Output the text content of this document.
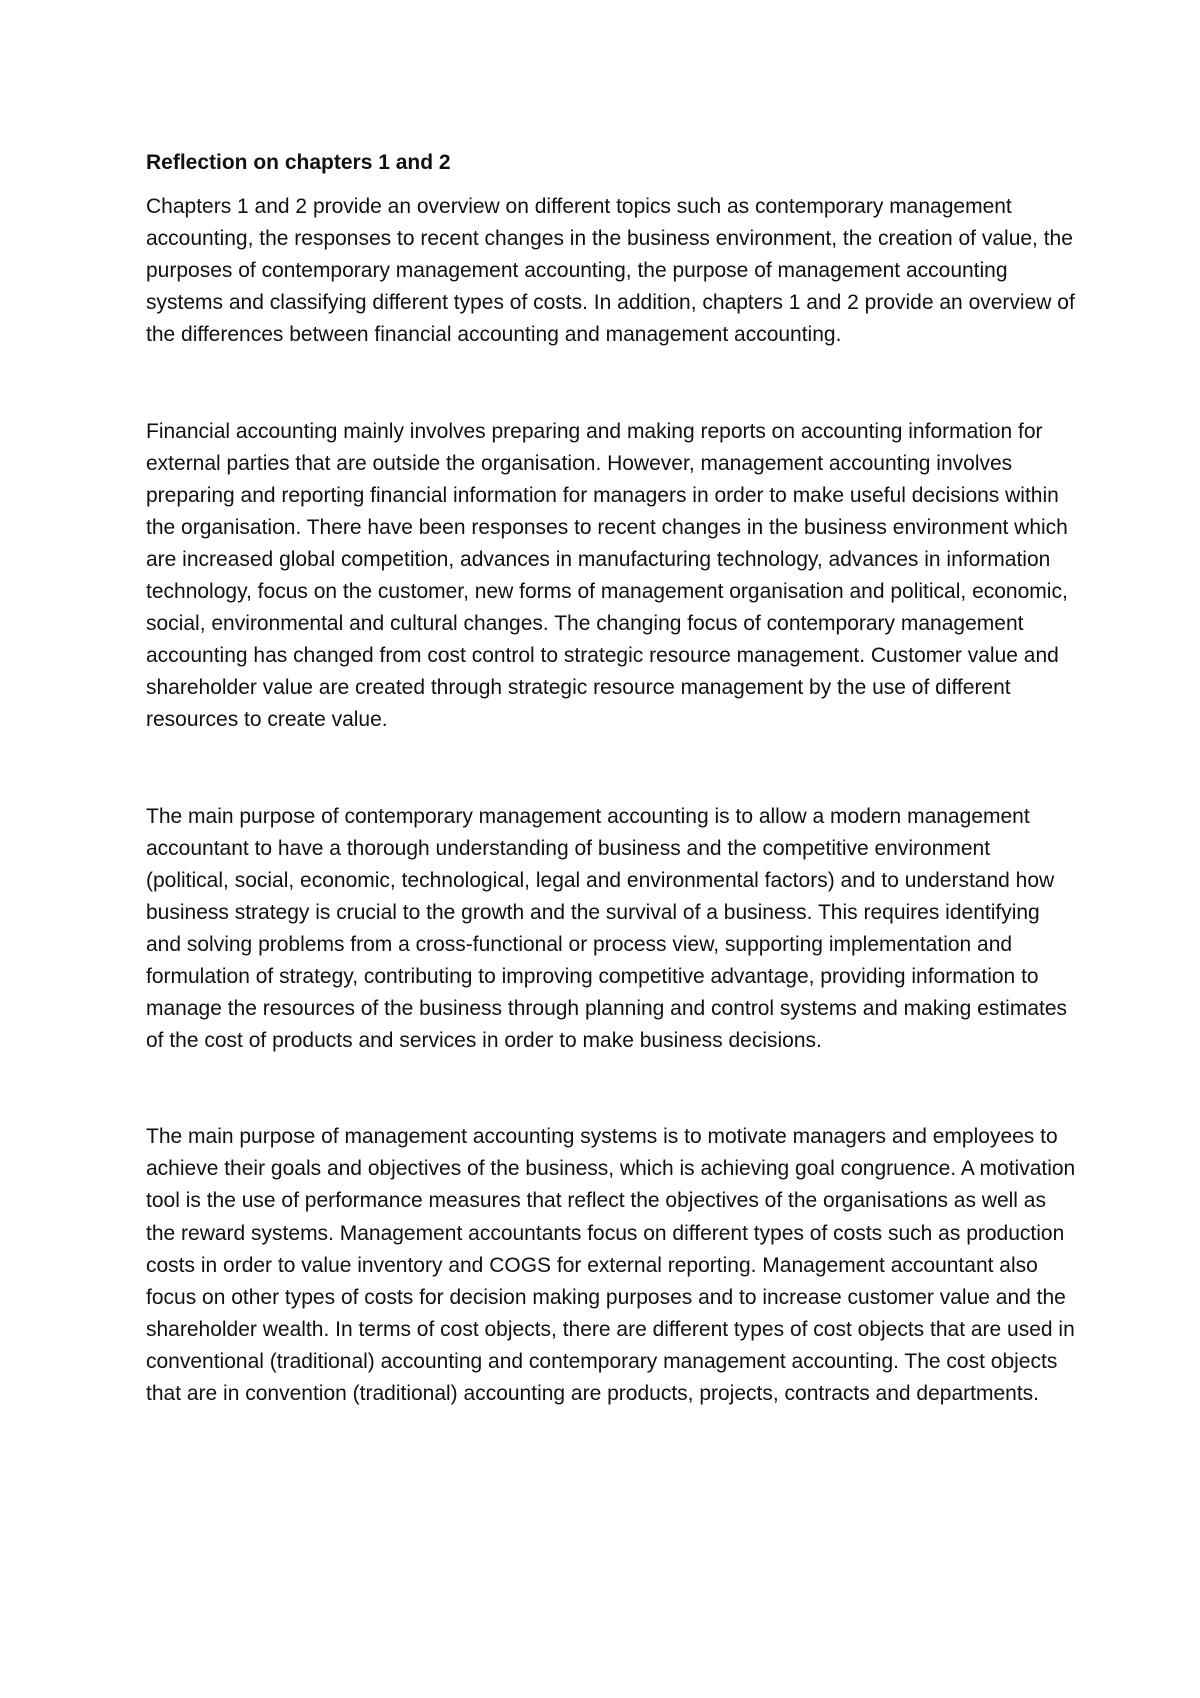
Reflection on chapters 1 and 2

Chapters 1 and 2 provide an overview on different topics such as contemporary management accounting, the responses to recent changes in the business environment, the creation of value, the purposes of contemporary management accounting, the purpose of management accounting systems and classifying different types of costs. In addition, chapters 1 and 2 provide an overview of the differences between financial accounting and management accounting.

Financial accounting mainly involves preparing and making reports on accounting information for external parties that are outside the organisation. However, management accounting involves preparing and reporting financial information for managers in order to make useful decisions within the organisation. There have been responses to recent changes in the business environment which are increased global competition, advances in manufacturing technology, advances in information technology, focus on the customer, new forms of management organisation and political, economic, social, environmental and cultural changes. The changing focus of contemporary management accounting has changed from cost control to strategic resource management. Customer value and shareholder value are created through strategic resource management by the use of different resources to create value.

The main purpose of contemporary management accounting is to allow a modern management accountant to have a thorough understanding of business and the competitive environment (political, social, economic, technological, legal and environmental factors) and to understand how business strategy is crucial to the growth and the survival of a business. This requires identifying and solving problems from a cross-functional or process view, supporting implementation and formulation of strategy, contributing to improving competitive advantage, providing information to manage the resources of the business through planning and control systems and making estimates of the cost of products and services in order to make business decisions.

The main purpose of management accounting systems is to motivate managers and employees to achieve their goals and objectives of the business, which is achieving goal congruence. A motivation tool is the use of performance measures that reflect the objectives of the organisations as well as the reward systems. Management accountants focus on different types of costs such as production costs in order to value inventory and COGS for external reporting. Management accountant also focus on other types of costs for decision making purposes and to increase customer value and the shareholder wealth. In terms of cost objects, there are different types of cost objects that are used in conventional (traditional) accounting and contemporary management accounting. The cost objects that are in convention (traditional) accounting are products, projects, contracts and departments.
